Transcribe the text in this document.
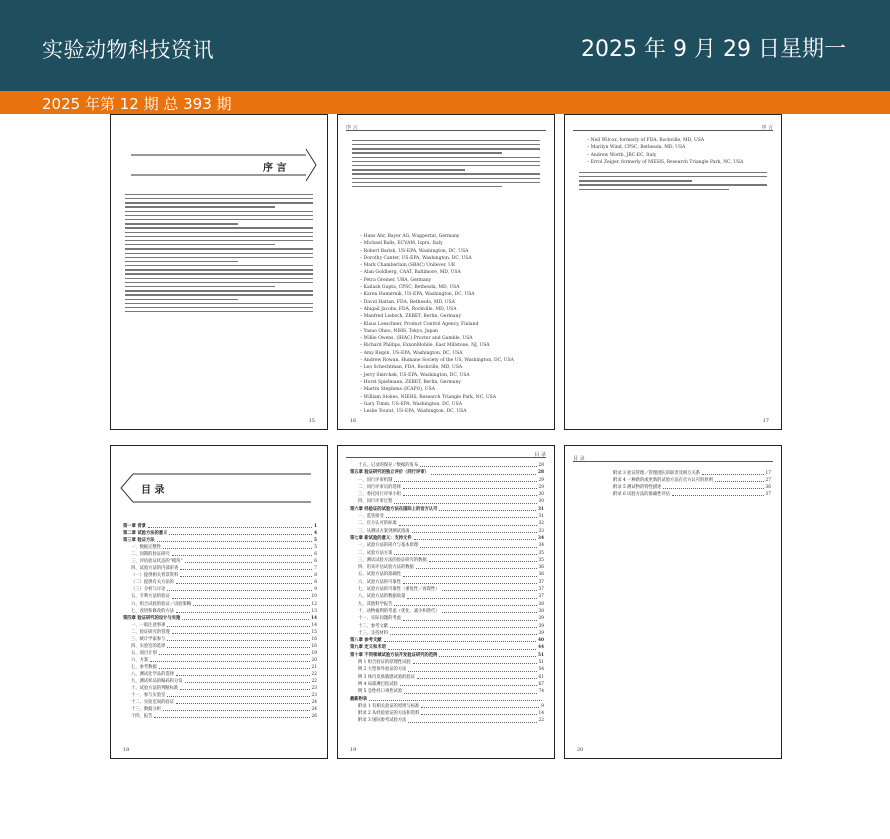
实验动物科技资讯	2025 年 9 月 29 日星期一
2025 年第 12 期 总 393 期
序 言
15
序 言
– Hans Ahr, Bayer AG, Wuppertal, Germany
– Michael Balls, ECVAM, Ispra, Italy
– Robert Barish, US-EPA, Washington, DC, USA
– Dorothy Canter, US-EPA, Washington, DC, USA
– Mark Chamberlain (SBAC) Unilever, UK
– Alan Goldberg, CAAT, Baltimore, MD, USA
– Petra Greiner, UBA, Germany
– Kailash Gupta, CPSC, Bethesda, MD, USA
– Karen Hamernik, US-EPA, Washington, DC, USA
– David Hattan, FDA, Bethesda, MD, USA
– Abigail Jacobs, FDA, Rockville, MD, USA
– Manfred Liebsch, ZEBET, Berlin, Germany
– Klaus Loeschner, Product Control Agency, Finland
– Yasuo Ohno, NIHS, Tokyo, Japan
– Willie Owens, (IHAC) Procter and Gamble, USA
– Richard Phillips, ExxonMobile, East Millstone, NJ, USA
– Amy Rispin, US-EPA, Washington, DC, USA
– Andrew Rowan, Humane Society of the US, Washington, DC, USA
– Leo Schechtman, FDA, Rockville, MD, USA
– Jerry Smrchek, US-EPA, Washington, DC, USA
– Horst Spielmann, ZEBET, Berlin, Germany
– Martin Stephens (ICAPO), USA
– William Stokes, NIEHS, Research Triangle Park, NC, USA
– Gary Timm, US-EPA, Washington, DC, USA
– Leslie Tourat, US-EPA, Washington, DC, USA
16
序 言
– Neil Wilcox, formerly of FDA, Rockville, MD, USA
– Marilyn Wind, CPSC, Bethesda, MD, USA
– Andrew Worth, JRC-EC, Italy
– Errol Zeiger, formerly of NIEHS, Research Triangle Park, NC, USA
17
目 录
第一章 背景	1
第二章 试验方法的意义	4
第三章 验证方法	5
一、数据完整性	5
二、同期的验证研究	6
三、评估验证状态的“模块”	6
四、试验方法的内部审查	7
（一）提供相关背景资料	8
（二）提供有关方法的	8
（三）分析与讨论	9
五、专利方法的验证	10
六、组合试验的验证／试验策略	12
七、改进和修改的方法	13
第四章 验证研究的设计与实施	14
一、一般注意事项	14
二、验证研究的管理	15
三、统计学家参与	16
四、实验室的选择	16
五、项目计划	19
六、方案	20
七、参考数据	21
八、测试化学品的选择	22
九、测试样品的编码和分发	22
十、试验方法的判断标准	23
十一、参与实验室	23
十二、实验室间的验证	24
十三、数据分析	24
十四、报告	26
18
目 录
十五、记录的保存／数据的发布	28
第五章 验证研究的独立评价（同行评审）	28
一、同行评审机制	29
二、同行评审员的选择	29
三、委托同行评审小组	30
四、同行评审过程	30
第六章 经验证的试验方法在国际上的官方认可	31
一、监管接受	31
二、官方认可的标准	32
三、从测试方案到测试指南	33
第七章 新试验的意义：支持文件	34
一、试验方法的简介与基本原理	34
二、试验方法方案	35
三、测试试验方法的验证研究的数据	35
四、用来评估试验方法的数据	36
五、试验方法的准确性	36
六、试验方法的可靠性	37
七、试验方法的可靠性（重复性／再现性）	37
八、试验方法的数据质量	37
九、其他科学报告	38
十、动物福利的考虑（优化、减少和替代）	38
十一、实际问题的考虑	39
十二、参考文献	39
十三、支持材料	39
第八章 参考文献	40
第九章 定义和术语	44
第十章 不同领域试验方法开发验证研究的范例	51
例 1 组合验证的原理性试验	51
例 2 大型体外验证的方法	54
例 3 体内皮肤敏感试验的验证	61
例 4 局部淋巴结试验	67
例 5 急性经口毒性试验	74
最新附录
附录 1 有相关验证的原则与标准	9
附录 2 从经验验证的方法和资料	14
附录 3 国际参考试验方法	22
19
目 录
附录 3 验证管理／管理团队的职责及相互关系	17
附录 4 一种新的或更新的试验方法在官方认可的原则	27
附录 5 测试物的特性描述	36
附录 6 试验方法的准确性评估	37
20
